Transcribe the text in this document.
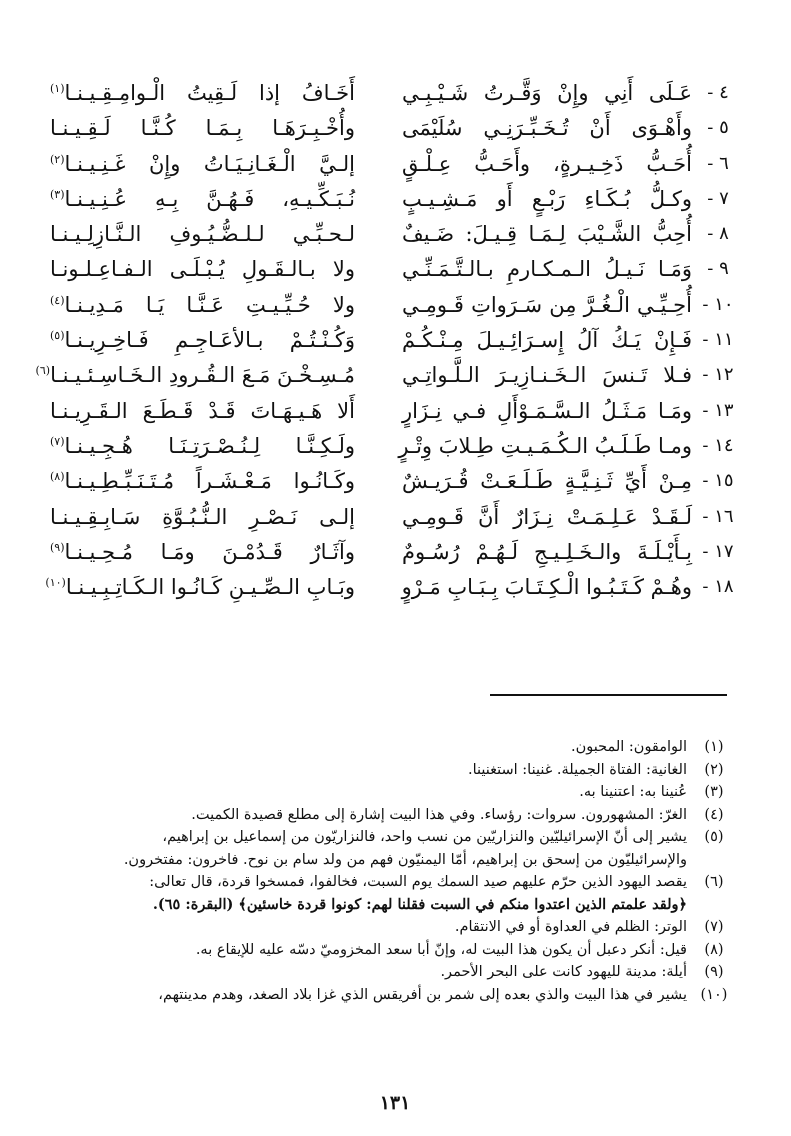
٤ -
عَـلَى أَنِي وإِنْ وَقَّـرتُ شَـيْـبِـي
أَخَـافُ إذا لَـقِيتُ الْـوامِـقِـيـنـا$^{(١)}$
٥ -
وأَهْـوَى أَنْ تُـخَـبِّـرَنِـي سُلَيْمَى
وأُخْـبِـرَهَـا بِـمَـا كُـنَّـا لَـقِـيـنـا
٦ -
أُحَـبُّ ذَخِـيـرةٍ، وأَحَـبُّ عِـلْـقٍ
إلـيَّ الْـغَـانِـيَـاتُ وإِنْ غَـنِـيـنـا$^{(٢)}$
٧ -
وكـلُّ بُـكَـاءِ رَبْـعٍ أَو مَـشِـيـبٍ
نُـبَـكِّـيـهِ، فَـهُـنَّ بِـهِ عُـنِـيـنـا$^{(٣)}$
٨ -
أُحِبُّ الشَّـيْبَ لِـمَـا قِـيـلَ: ضَـيفٌ
لـحـبِّـي لـلـضُّـيُـوفِ الـنَّـازِلِـيـنـا
٩ -
وَمَـا نَـيـلُ الـمـكـارمِ بـالـتَّـمَـنِّـي
ولا بـالـقَـولِ يُـبْـلَـى الـفـاعِـلـونـا
١٠ -
أُحِـيِّـي الْـغُـرَّ مِن سَـرَواتِ قَـومِـي
ولا حُـيِّـيـتِ عَـنَّـا يَـا مَـدِيـنـا$^{(٤)}$
١١ -
فَـإِنْ يَـكُ آلُ إِسـرَائِـيـلَ مِـنْـكُـمْ
وَكُـنْـتُـمْ بـالأعَـاجِـمِ فَـاخِـرِيـنـا$^{(٥)}$
١٢ -
فـلا تَـنسَ الـخَـنـازِيـرَ الـلَّـواتِـي
مُـسِـخْـنَ مَـعَ الـقُـرودِ الـخَـاسِـئـيـنـا$^{(٦)}$
١٣ -
ومَـا مَـثَـلُ الـسَّـمَـوْأَلِ فـي نِـزَارٍ
أَلا هَـيـهَـاتَ قَـدْ قَـطَـعَ الـقَـرِيـنـا
١٤ -
ومـا طَـلَـبُ الـكُـمَـيـتِ طِـلابَ وِتْـرٍ
ولَـكِـنَّـا لِـنُـصْـرَتِـنَـا هُـجِـيـنـا$^{(٧)}$
١٥ -
مِـنْ أَيِّ ثَـنِـيَّـةٍ طَـلَـعَـتْ قُـرَيـشٌ
وكَـانُـوا مَـعْـشَـراً مُـتَـنَـبِّـطِـيـنـا$^{(٨)}$
١٦ -
لَـقَـدْ عَـلِـمَـتْ نِـزَارٌ أَنَّ قَـومِـي
إلـى نَـصْـرِ الـنُّـبُـوَّةِ سَـابِـقِـيـنـا
١٧ -
بِـأَيْـلَـةَ والـخَـلِـيـجِ لَـهُـمْ رُسُـومٌ
وآثَـارٌ قَـدُمْـنَ ومَـا مُـحِـيـنـا$^{(٩)}$
١٨ -
وهُـمْ كَـتَـبُـوا الْـكِـتَـابَ بِـبَـابِ مَـرْوٍ
وبَـابِ الـصِّـيـنِ كَـانُـوا الـكَـاتِـبِـيـنـا$^{(١٠)}$
(١)
الوامقون: المحبون.
(٢)
الغانية: الفتاة الجميلة. غنينا: استغنينا.
(٣)
عُنينا به: اعتنينا به.
(٤)
الغرّ: المشهورون. سروات: رؤساء. وفي هذا البيت إشارة إلى مطلع قصيدة الكميت.
(٥)
يشير إلى أنّ الإسرائيليّين والنزاريّين من نسب واحد، فالنزاريّون من إسماعيل بن إبراهيم،
والإسرائيليّون من إسحق بن إبراهيم، أمّا اليمنيّون فهم من ولد سام بن نوح. فاخرون: مفتخرون.
(٦)
يقصد اليهود الذين حرّم عليهم صيد السمك يوم السبت، فخالفوا، فمسخوا قردة، قال تعالى:
﴿ولقد علمتم الذين اعتدوا منكم في السبت فقلنا لهم: كونوا قردة خاسئين﴾ (البقرة: ٦٥).
(٧)
الوتر: الظلم في العداوة أو في الانتقام.
(٨)
قيل: أنكر دعبل أن يكون هذا البيت له، وإنّ أبا سعد المخزوميّ دسّه عليه للإيقاع به.
(٩)
أيلة: مدينة لليهود كانت على البحر الأحمر.
(١٠)
يشير في هذا البيت والذي بعده إلى شمر بن أفريقس الذي غزا بلاد الصغد، وهدم مدينتهم،
١٣١
